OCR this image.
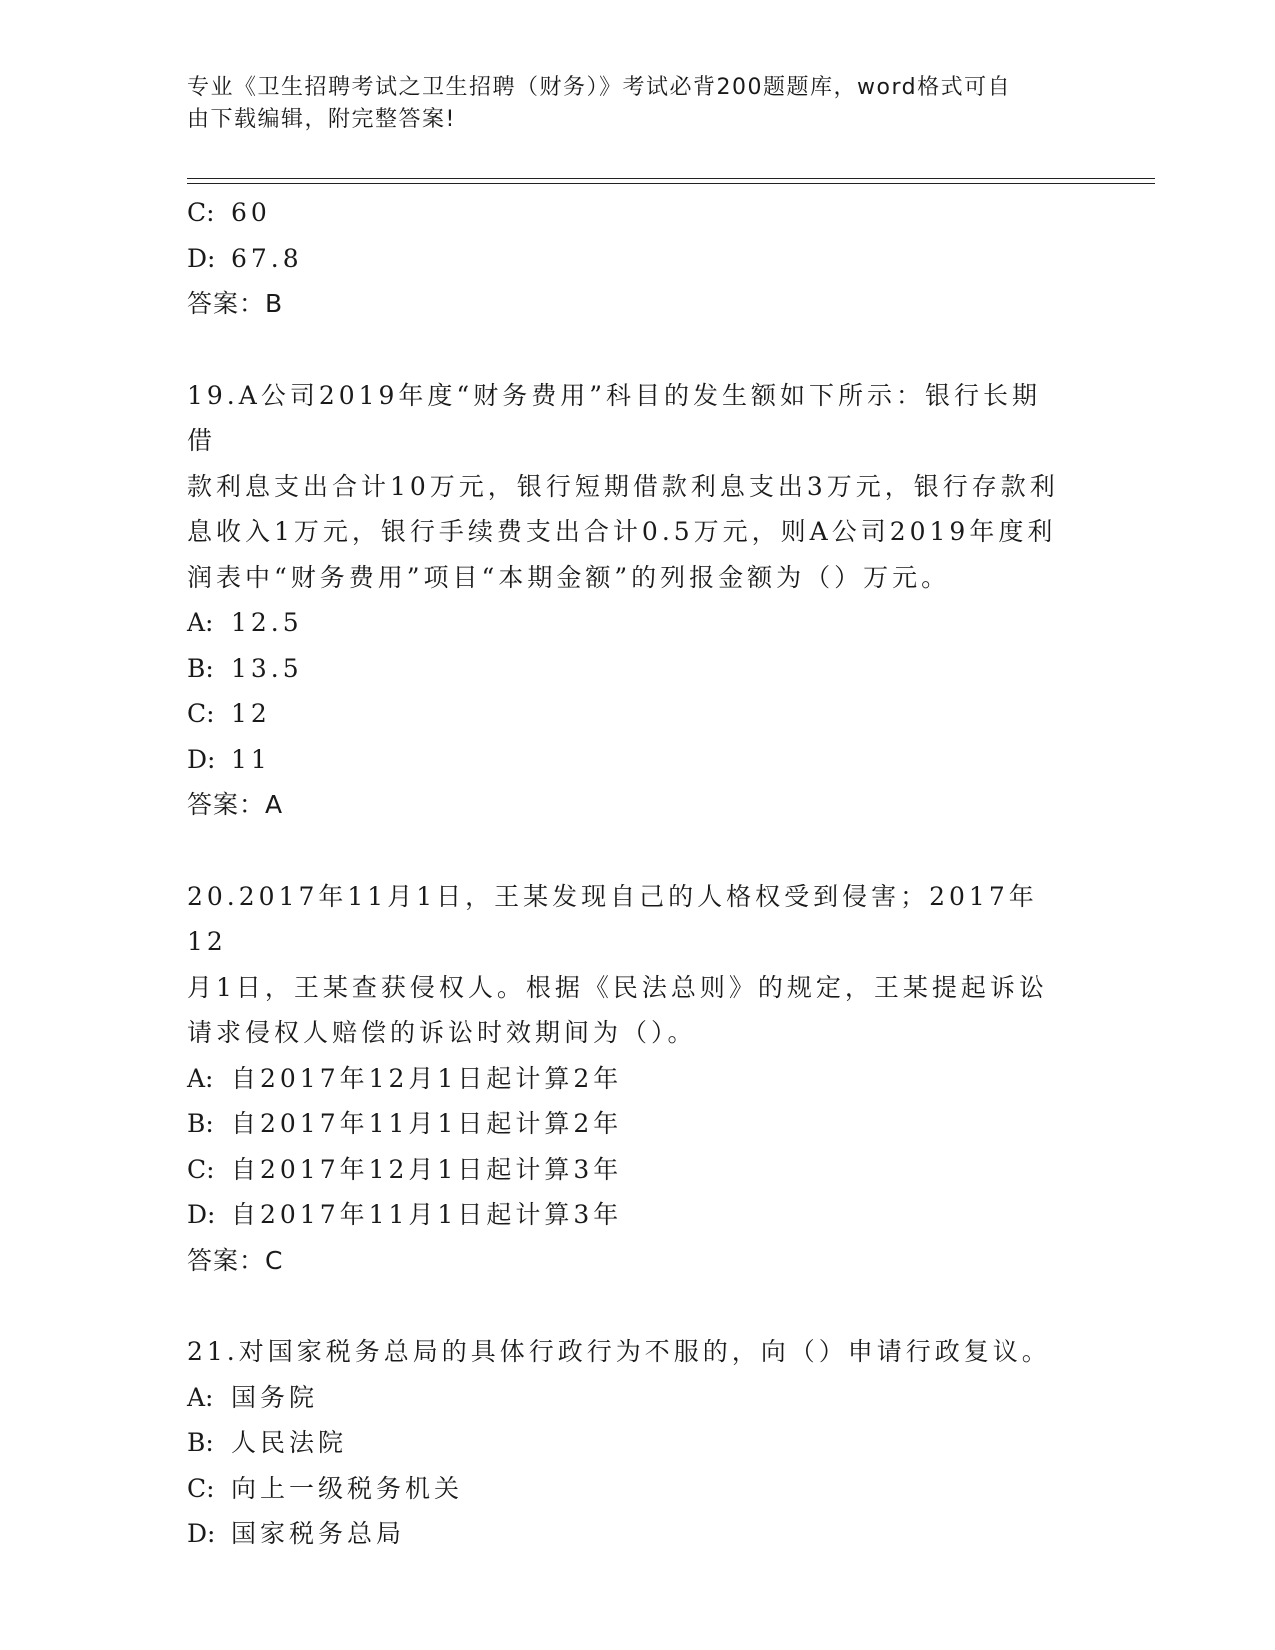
专业《卫生招聘考试之卫生招聘（财务）》考试必背200题题库，word格式可自
由下载编辑，附完整答案!
C: 60
D: 67.8
答案：B
19.A公司2019年度“财务费用”科目的发生额如下所示：银行长期借
款利息支出合计10万元，银行短期借款利息支出3万元，银行存款利
息收入1万元，银行手续费支出合计0.5万元，则A公司2019年度利
润表中“财务费用”项目“本期金额”的列报金额为（）万元。
A: 12.5
B: 13.5
C: 12
D: 11
答案：A
20.2017年11月1日，王某发现自己的人格权受到侵害；2017年12
月1日，王某查获侵权人。根据《民法总则》的规定，王某提起诉讼
请求侵权人赔偿的诉讼时效期间为（）。
A: 自2017年12月1日起计算2年
B: 自2017年11月1日起计算2年
C: 自2017年12月1日起计算3年
D: 自2017年11月1日起计算3年
答案：C
21.对国家税务总局的具体行政行为不服的，向（）申请行政复议。
A: 国务院
B: 人民法院
C: 向上一级税务机关
D: 国家税务总局
